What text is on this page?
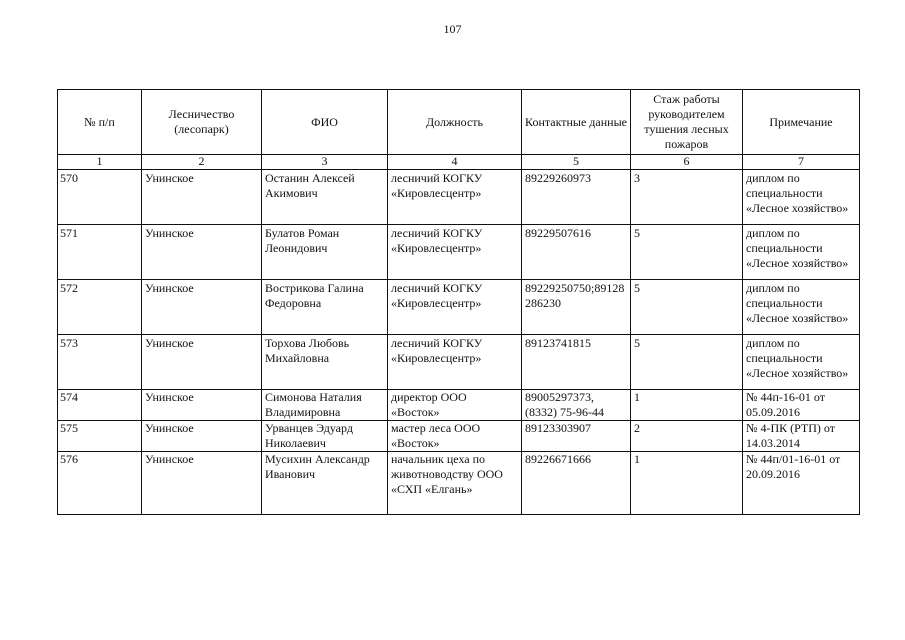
107
№ п/п	Лесничество (лесопарк)	ФИО	Должность	Контактные данные	Стаж работы руководителем тушения лесных пожаров	Примечание
1	2	3	4	5	6	7
570	Унинское	Останин Алексей Акимович	лесничий КОГКУ «Кировлесцентр»	89229260973	3	диплом по специальности «Лесное хозяйство»
571	Унинское	Булатов Роман Леонидович	лесничий КОГКУ «Кировлесцентр»	89229507616	5	диплом по специальности «Лесное хозяйство»
572	Унинское	Вострикова Галина Федоровна	лесничий КОГКУ «Кировлесцентр»	89229250750;89128286230	5	диплом по специальности «Лесное хозяйство»
573	Унинское	Торхова Любовь Михайловна	лесничий КОГКУ «Кировлесцентр»	89123741815	5	диплом по специальности «Лесное хозяйство»
574	Унинское	Симонова Наталия Владимировна	директор ООО «Восток»	89005297373, (8332) 75-96-44	1	№ 44п-16-01 от 05.09.2016
575	Унинское	Урванцев Эдуард Николаевич	мастер леса ООО «Восток»	89123303907	2	№ 4-ПК (РТП) от 14.03.2014
576	Унинское	Мусихин Александр Иванович	начальник цеха по животноводству ООО «СХП «Елгань»	89226671666	1	№ 44п/01-16-01 от 20.09.2016
